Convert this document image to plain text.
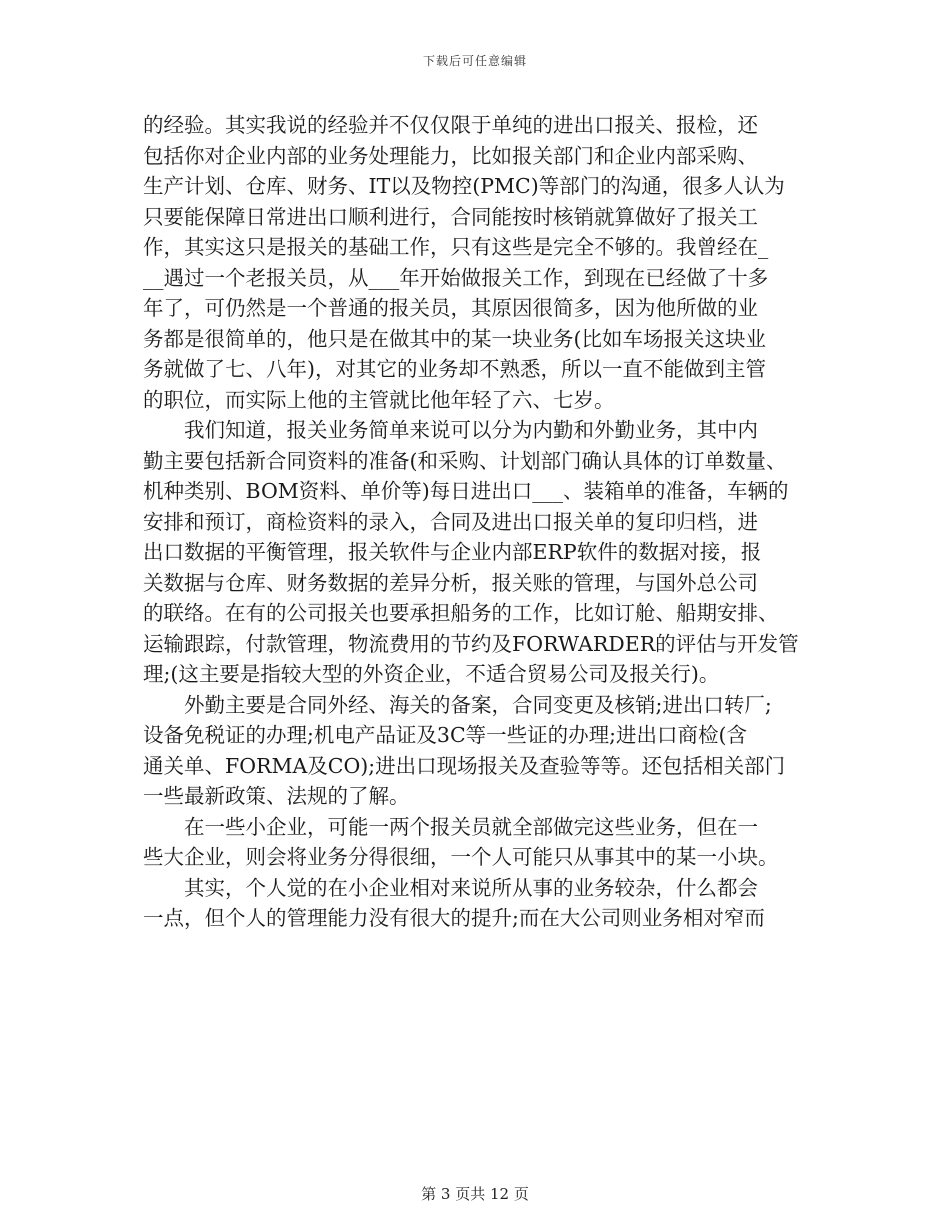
下载后可任意编辑

的经验。其实我说的经验并不仅仅限于单纯的进出口报关、报检，还
包括你对企业内部的业务处理能力，比如报关部门和企业内部采购、
生产计划、仓库、财务、IT以及物控(PMC)等部门的沟通，很多人认为
只要能保障日常进出口顺利进行，合同能按时核销就算做好了报关工
作，其实这只是报关的基础工作，只有这些是完全不够的。我曾经在_
__遇过一个老报关员，从___年开始做报关工作，到现在已经做了十多
年了，可仍然是一个普通的报关员，其原因很简多，因为他所做的业
务都是很简单的，他只是在做其中的某一块业务(比如车场报关这块业
务就做了七、八年)，对其它的业务却不熟悉，所以一直不能做到主管
的职位，而实际上他的主管就比他年轻了六、七岁。
　　我们知道，报关业务简单来说可以分为内勤和外勤业务，其中内
勤主要包括新合同资料的准备(和采购、计划部门确认具体的订单数量、
机种类别、BOM资料、单价等)每日进出口___、装箱单的准备，车辆的
安排和预订，商检资料的录入，合同及进出口报关单的复印归档，进
出口数据的平衡管理，报关软件与企业内部ERP软件的数据对接，报
关数据与仓库、财务数据的差异分析，报关账的管理，与国外总公司
的联络。在有的公司报关也要承担船务的工作，比如订舱、船期安排、
运输跟踪，付款管理，物流费用的节约及FORWARDER的评估与开发管
理;(这主要是指较大型的外资企业，不适合贸易公司及报关行)。
　　外勤主要是合同外经、海关的备案，合同变更及核销;进出口转厂;
设备免税证的办理;机电产品证及3C等一些证的办理;进出口商检(含
通关单、FORMA及CO);进出口现场报关及查验等等。还包括相关部门
一些最新政策、法规的了解。
　　在一些小企业，可能一两个报关员就全部做完这些业务，但在一
些大企业，则会将业务分得很细，一个人可能只从事其中的某一小块。
　　其实，个人觉的在小企业相对来说所从事的业务较杂，什么都会
一点，但个人的管理能力没有很大的提升;而在大公司则业务相对窄而

第 3 页共 12 页
